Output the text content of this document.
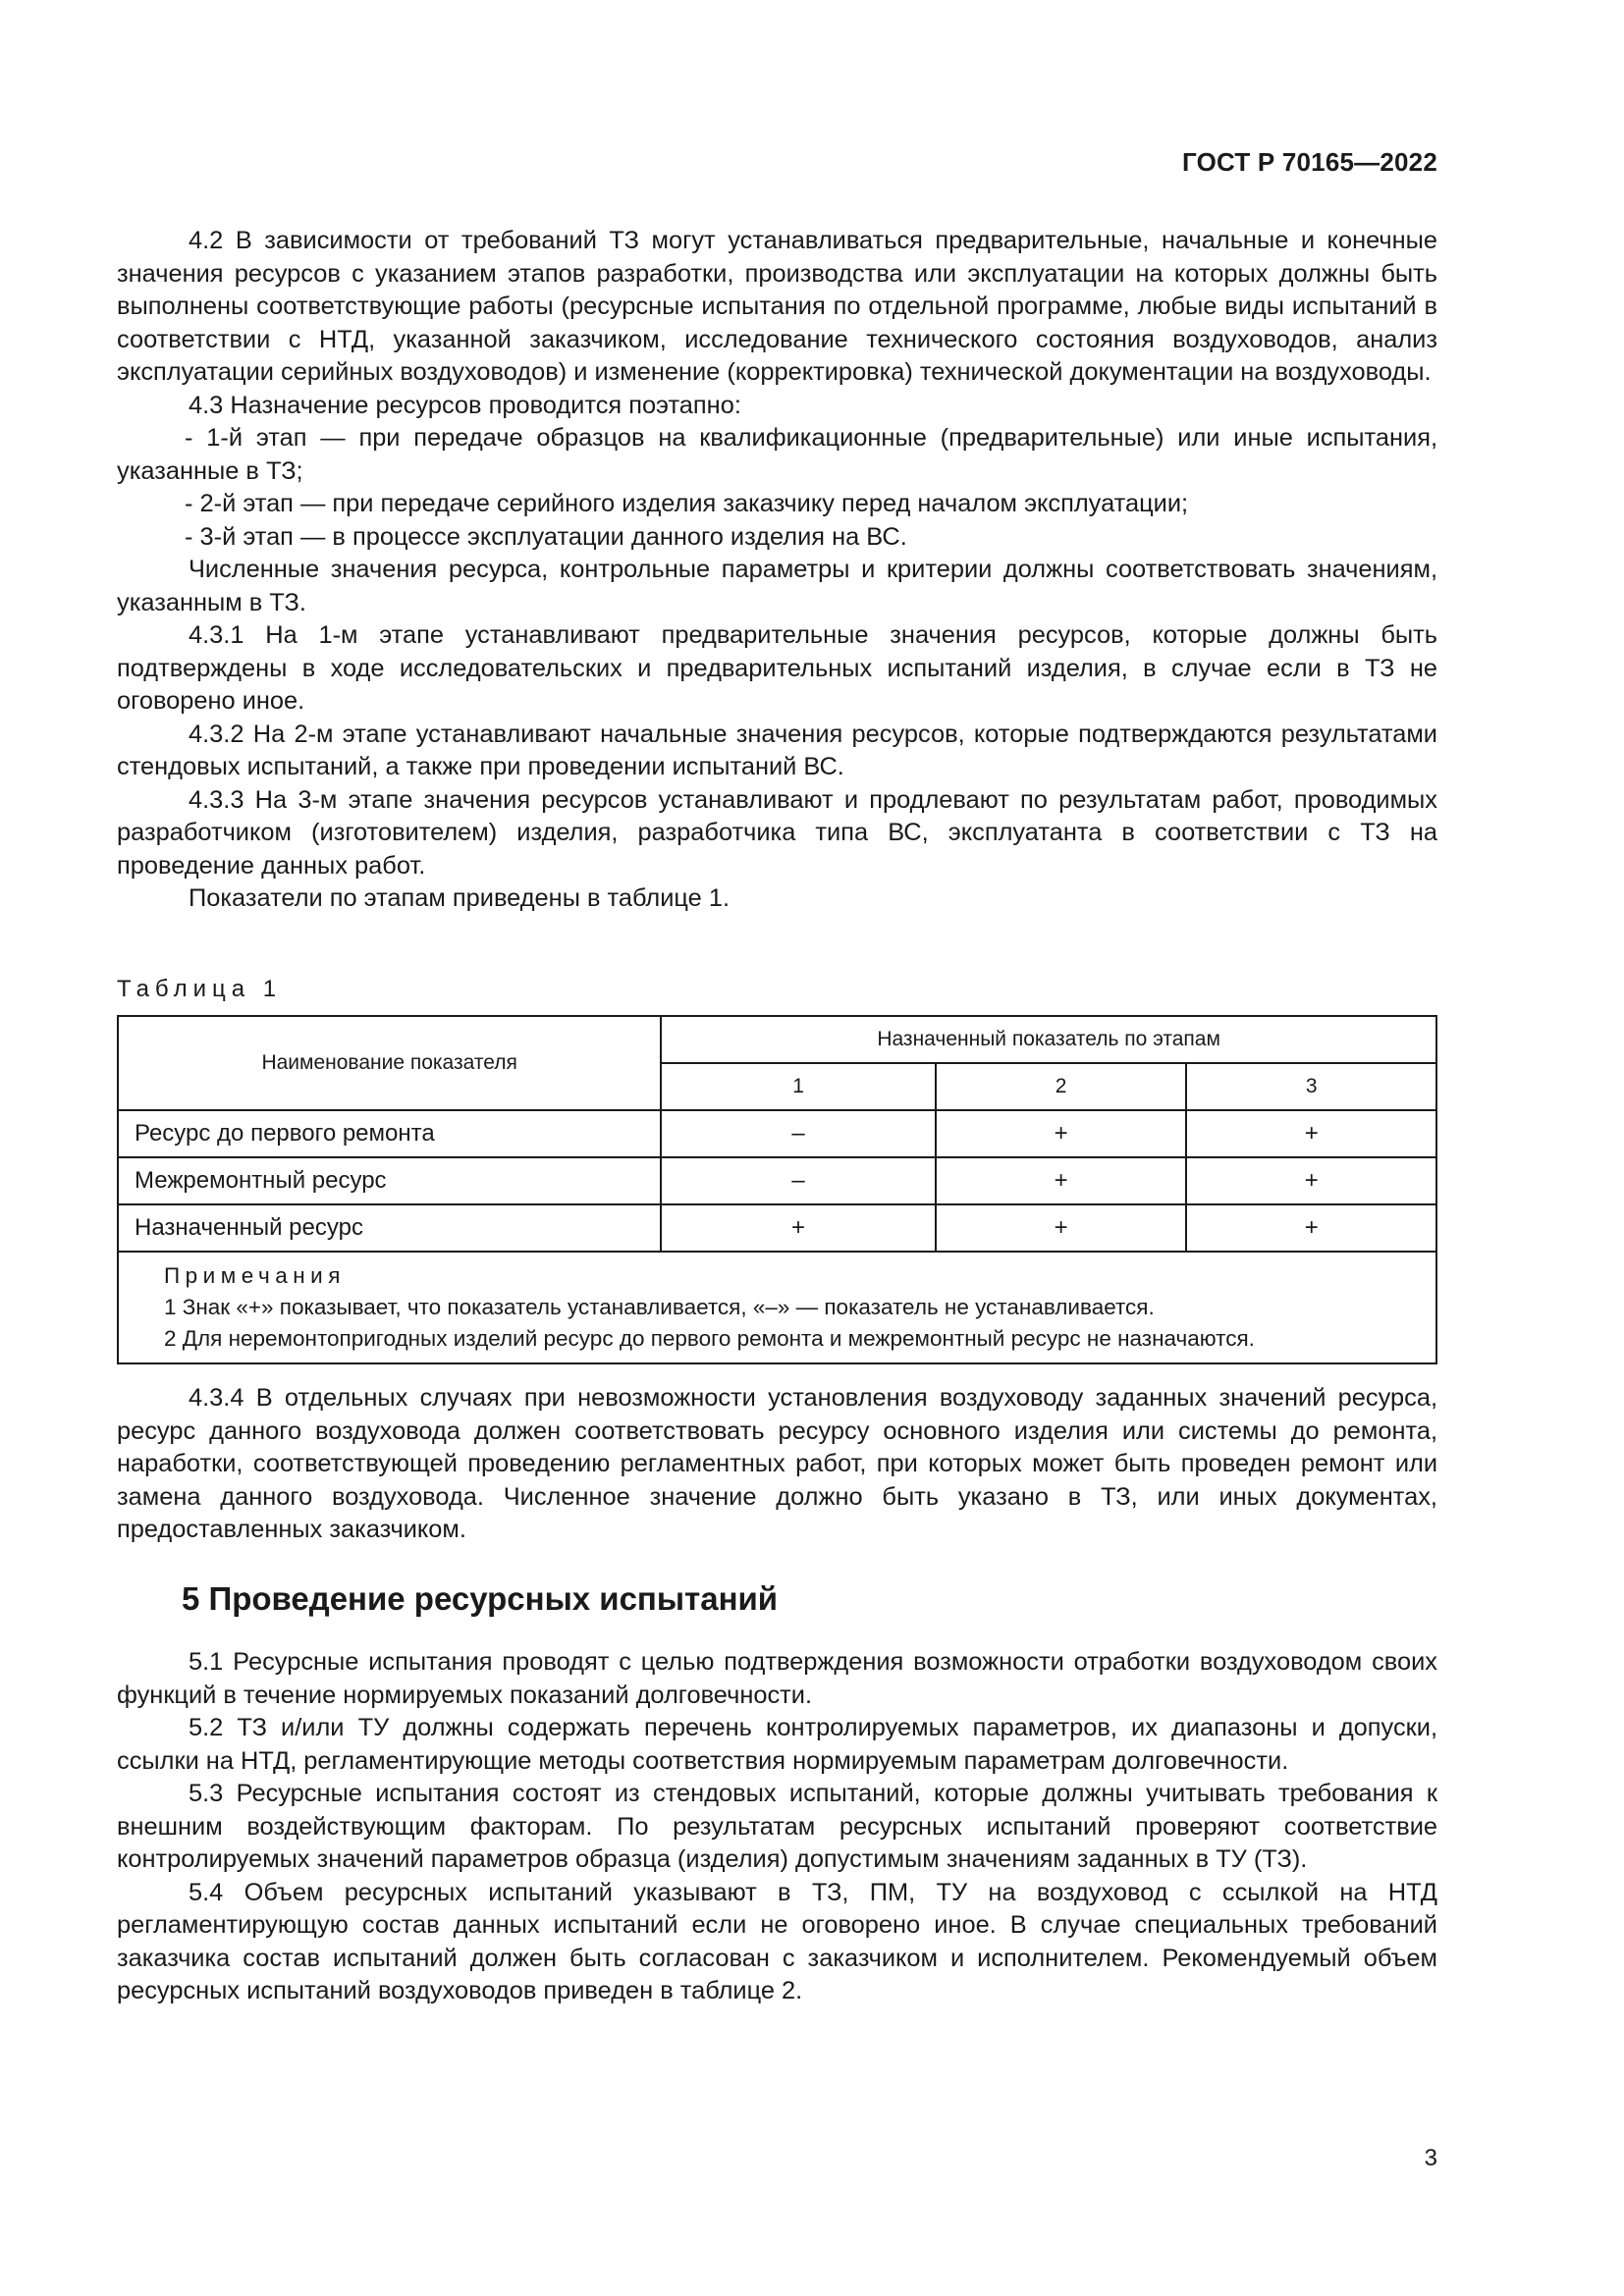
ГОСТ Р 70165—2022

4.2 В зависимости от требований ТЗ могут устанавливаться предварительные, начальные и конечные значения ресурсов с указанием этапов разработки, производства или эксплуатации на которых должны быть выполнены соответствующие работы (ресурсные испытания по отдельной программе, любые виды испытаний в соответствии с НТД, указанной заказчиком, исследование технического состояния воздуховодов, анализ эксплуатации серийных воздуховодов) и изменение (корректировка) технической документации на воздуховоды.

4.3 Назначение ресурсов проводится поэтапно:

- 1-й этап — при передаче образцов на квалификационные (предварительные) или иные испытания, указанные в ТЗ;

- 2-й этап — при передаче серийного изделия заказчику перед началом эксплуатации;

- 3-й этап — в процессе эксплуатации данного изделия на ВС.

Численные значения ресурса, контрольные параметры и критерии должны соответствовать значениям, указанным в ТЗ.

4.3.1 На 1-м этапе устанавливают предварительные значения ресурсов, которые должны быть подтверждены в ходе исследовательских и предварительных испытаний изделия, в случае если в ТЗ не оговорено иное.

4.3.2 На 2-м этапе устанавливают начальные значения ресурсов, которые подтверждаются результатами стендовых испытаний, а также при проведении испытаний ВС.

4.3.3 На 3-м этапе значения ресурсов устанавливают и продлевают по результатам работ, проводимых разработчиком (изготовителем) изделия, разработчика типа ВС, эксплуатанта в соответствии с ТЗ на проведение данных работ.

Показатели по этапам приведены в таблице 1.

Таблица 1

Наименование показателя	Назначенный показатель по этапам		
	1	2	3
Ресурс до первого ремонта	–	+	+
Межремонтный ресурс	–	+	+
Назначенный ресурс	+	+	+

Примечания
1 Знак «+» показывает, что показатель устанавливается, «–» — показатель не устанавливается.
2 Для неремонтопригодных изделий ресурс до первого ремонта и межремонтный ресурс не назначаются.			

4.3.4 В отдельных случаях при невозможности установления воздуховоду заданных значений ресурса, ресурс данного воздуховода должен соответствовать ресурсу основного изделия или системы до ремонта, наработки, соответствующей проведению регламентных работ, при которых может быть проведен ремонт или замена данного воздуховода. Численное значение должно быть указано в ТЗ, или иных документах, предоставленных заказчиком.

5 Проведение ресурсных испытаний

5.1 Ресурсные испытания проводят с целью подтверждения возможности отработки воздуховодом своих функций в течение нормируемых показаний долговечности.

5.2 ТЗ и/или ТУ должны содержать перечень контролируемых параметров, их диапазоны и допуски, ссылки на НТД, регламентирующие методы соответствия нормируемым параметрам долговечности.

5.3 Ресурсные испытания состоят из стендовых испытаний, которые должны учитывать требования к внешним воздействующим факторам. По результатам ресурсных испытаний проверяют соответствие контролируемых значений параметров образца (изделия) допустимым значениям заданных в ТУ (ТЗ).

5.4 Объем ресурсных испытаний указывают в ТЗ, ПМ, ТУ на воздуховод с ссылкой на НТД регламентирующую состав данных испытаний если не оговорено иное. В случае специальных требований заказчика состав испытаний должен быть согласован с заказчиком и исполнителем. Рекомендуемый объем ресурсных испытаний воздуховодов приведен в таблице 2.

3
